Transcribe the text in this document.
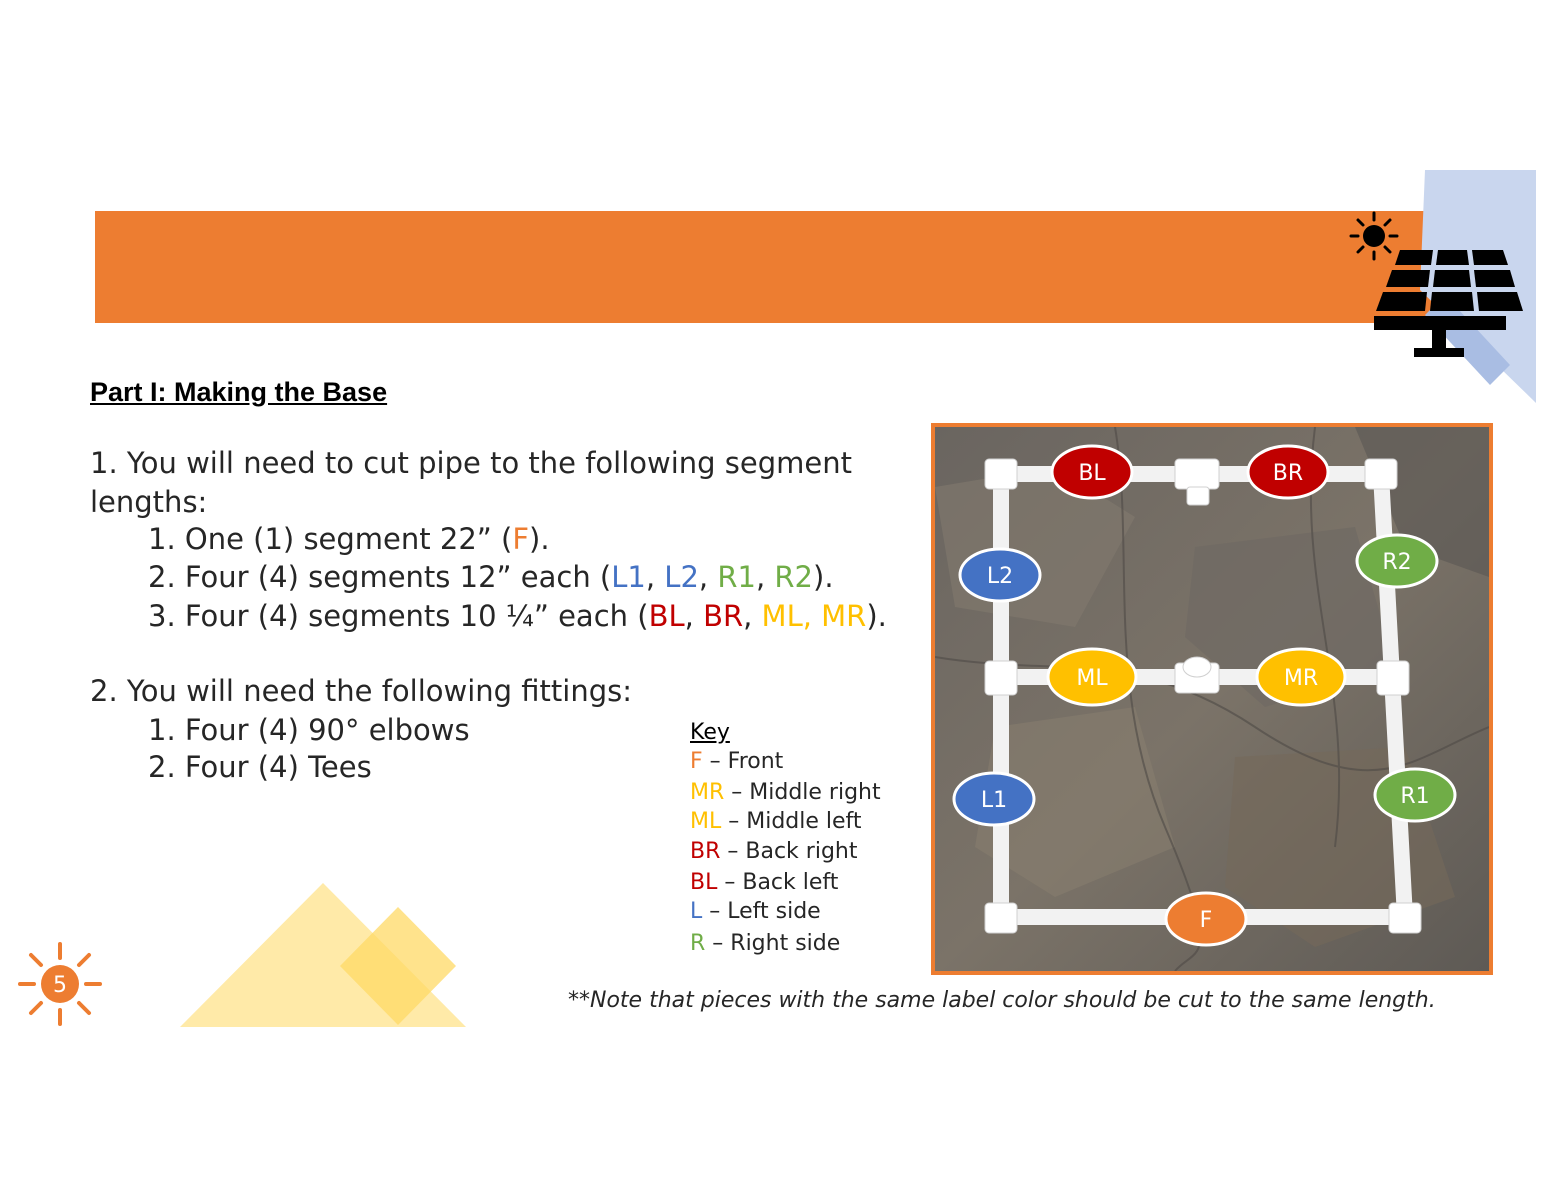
Part I: Making the Base
1. You will need to cut pipe to the following segment
lengths:
1. One (1) segment 22” (F).
2. Four (4) segments 12” each (L1, L2, R1, R2).
3. Four (4) segments 10 ¼” each (BL, BR, ML, MR).
2. You will need the following fittings:
1. Four (4) 90° elbows
2. Four (4) Tees
Key
F – Front
MR – Middle right
ML – Middle left
BR – Back right
BL – Back left
L – Left side
R – Right side
BL	BR
L2
R2
ML	MR
L1	R1
F
**Note that pieces with the same label color should be cut to the same length.
5
